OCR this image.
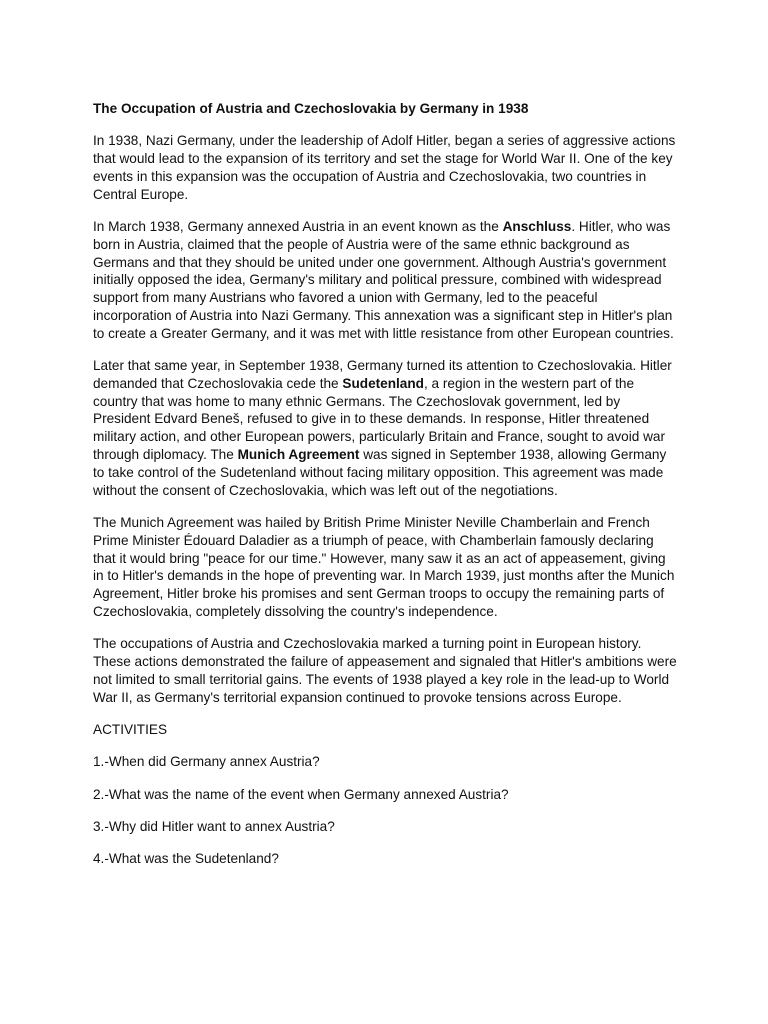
The Occupation of Austria and Czechoslovakia by Germany in 1938
In 1938, Nazi Germany, under the leadership of Adolf Hitler, began a series of aggressive actions that would lead to the expansion of its territory and set the stage for World War II. One of the key events in this expansion was the occupation of Austria and Czechoslovakia, two countries in Central Europe.
In March 1938, Germany annexed Austria in an event known as the Anschluss. Hitler, who was born in Austria, claimed that the people of Austria were of the same ethnic background as Germans and that they should be united under one government. Although Austria's government initially opposed the idea, Germany's military and political pressure, combined with widespread support from many Austrians who favored a union with Germany, led to the peaceful incorporation of Austria into Nazi Germany. This annexation was a significant step in Hitler's plan to create a Greater Germany, and it was met with little resistance from other European countries.
Later that same year, in September 1938, Germany turned its attention to Czechoslovakia. Hitler demanded that Czechoslovakia cede the Sudetenland, a region in the western part of the country that was home to many ethnic Germans. The Czechoslovak government, led by President Edvard Beneš, refused to give in to these demands. In response, Hitler threatened military action, and other European powers, particularly Britain and France, sought to avoid war through diplomacy. The Munich Agreement was signed in September 1938, allowing Germany to take control of the Sudetenland without facing military opposition. This agreement was made without the consent of Czechoslovakia, which was left out of the negotiations.
The Munich Agreement was hailed by British Prime Minister Neville Chamberlain and French Prime Minister Édouard Daladier as a triumph of peace, with Chamberlain famously declaring that it would bring "peace for our time." However, many saw it as an act of appeasement, giving in to Hitler's demands in the hope of preventing war. In March 1939, just months after the Munich Agreement, Hitler broke his promises and sent German troops to occupy the remaining parts of Czechoslovakia, completely dissolving the country's independence.
The occupations of Austria and Czechoslovakia marked a turning point in European history. These actions demonstrated the failure of appeasement and signaled that Hitler's ambitions were not limited to small territorial gains. The events of 1938 played a key role in the lead-up to World War II, as Germany's territorial expansion continued to provoke tensions across Europe.
ACTIVITIES
1.-When did Germany annex Austria?
2.-What was the name of the event when Germany annexed Austria?
3.-Why did Hitler want to annex Austria?
4.-What was the Sudetenland?
